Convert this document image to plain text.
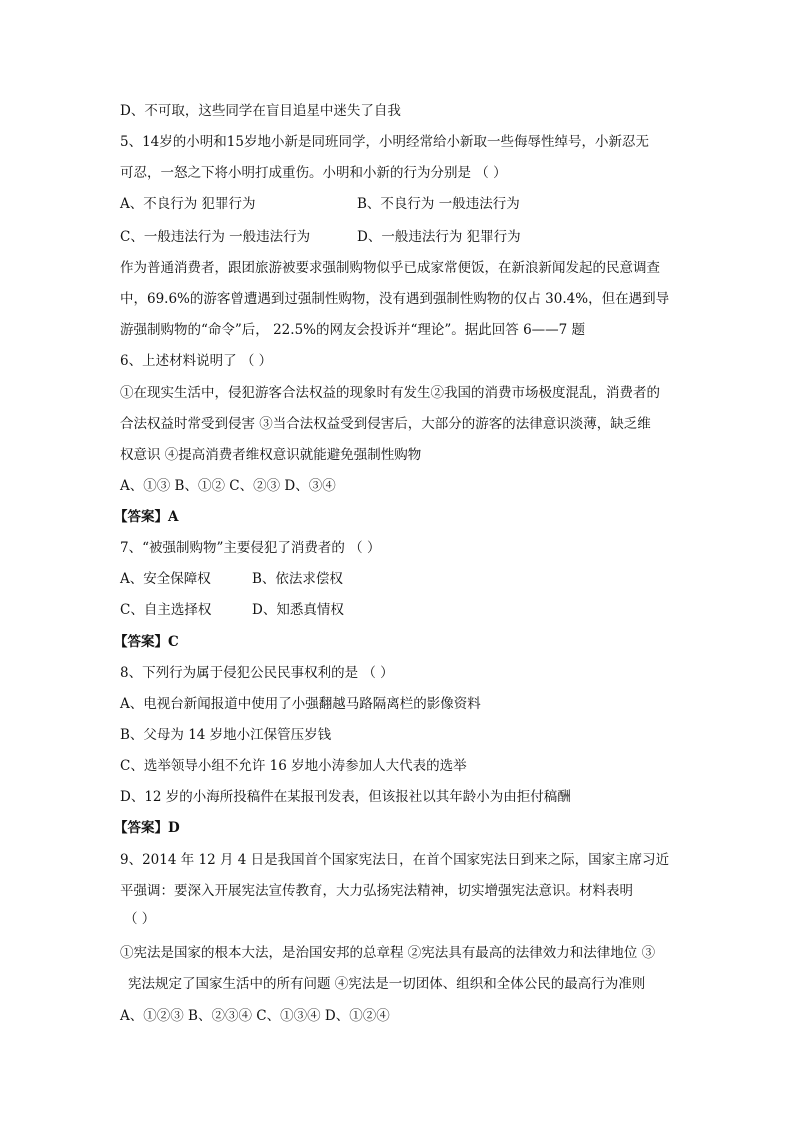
D、不可取，这些同学在盲目追星中迷失了自我
5、14岁的小明和15岁地小新是同班同学，小明经常给小新取一些侮辱性绰号，小新忍无
可忍，一怒之下将小明打成重伤。小明和小新的行为分别是 （ ）
A、不良行为 犯罪行为	B、不良行为 一般违法行为
C、一般违法行为 一般违法行为	D、一般违法行为 犯罪行为
作为普通消费者，跟团旅游被要求强制购物似乎已成家常便饭，在新浪新闻发起的民意调查
中，69.6%的游客曾遭遇到过强制性购物，没有遇到强制性购物的仅占 30.4%，但在遇到导
游强制购物的“命令”后， 22.5%的网友会投诉并“理论”。据此回答 6——7 题
6、上述材料说明了 （ ）
①在现实生活中，侵犯游客合法权益的现象时有发生②我国的消费市场极度混乱，消费者的
合法权益时常受到侵害 ③当合法权益受到侵害后，大部分的游客的法律意识淡薄，缺乏维
权意识 ④提高消费者维权意识就能避免强制性购物
A、①③ B、①② C、②③ D、③④
【答案】A
7、“被强制购物”主要侵犯了消费者的 （ ）
A、安全保障权	B、依法求偿权
C、自主选择权	D、知悉真情权
【答案】C
8、下列行为属于侵犯公民民事权利的是 （ ）
A、电视台新闻报道中使用了小强翻越马路隔离栏的影像资料
B、父母为 14 岁地小江保管压岁钱
C、选举领导小组不允许 16 岁地小涛参加人大代表的选举
D、12 岁的小海所投稿件在某报刊发表，但该报社以其年龄小为由拒付稿酬
【答案】D
9、2014 年 12 月 4 日是我国首个国家宪法日，在首个国家宪法日到来之际，国家主席习近
平强调：要深入开展宪法宣传教育，大力弘扬宪法精神，切实增强宪法意识。材料表明
（ ）
①宪法是国家的根本大法，是治国安邦的总章程 ②宪法具有最高的法律效力和法律地位 ③
宪法规定了国家生活中的所有问题 ④宪法是一切团体、组织和全体公民的最高行为准则
A、①②③ B、②③④ C、①③④ D、①②④
